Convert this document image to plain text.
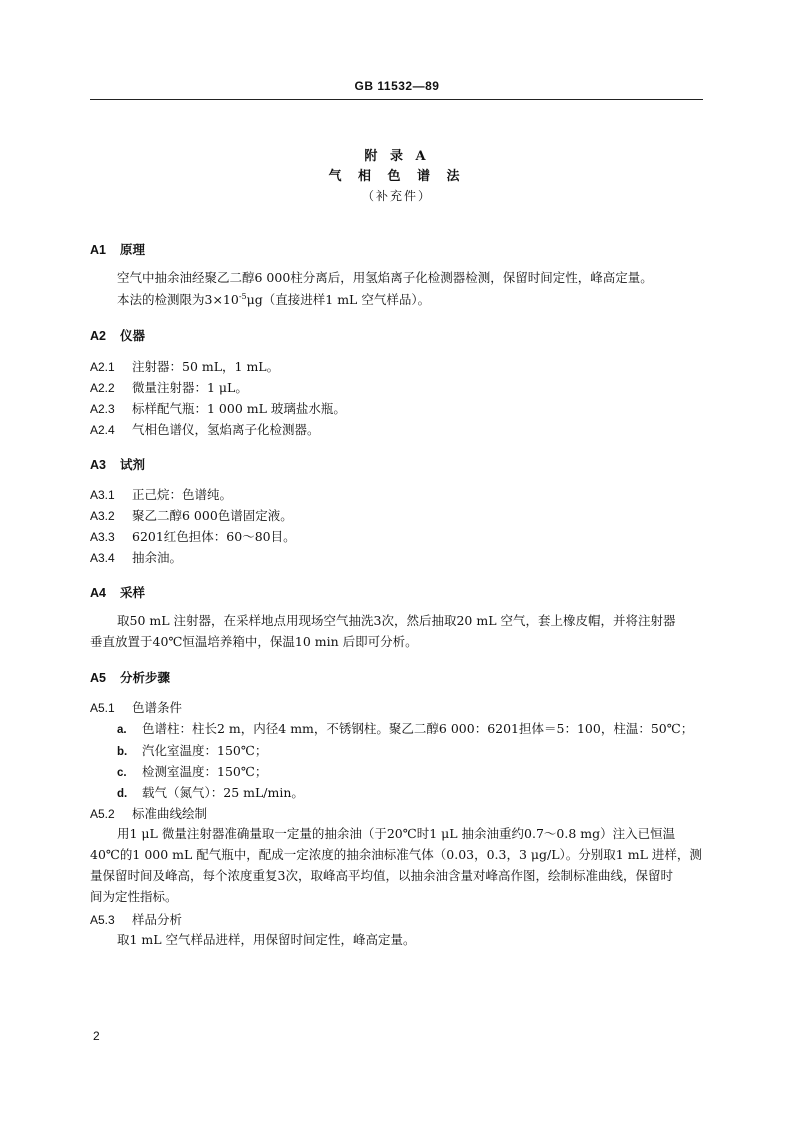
GB 11532—89
附 录 A
气 相 色 谱 法
（补充件）
A1 原理
空气中抽余油经聚乙二醇6 000柱分离后，用氢焰离子化检测器检测，保留时间定性，峰高定量。
本法的检测限为$3\times 10^{-5}\mu g$（直接进样1 mL 空气样品）。
A2 仪器
A2.1 注射器：50 mL，1 mL。
A2.2 微量注射器：1 μL。
A2.3 标样配气瓶：1 000 mL 玻璃盐水瓶。
A2.4 气相色谱仪，氢焰离子化检测器。
A3 试剂
A3.1 正己烷：色谱纯。
A3.2 聚乙二醇6 000色谱固定液。
A3.3 6201红色担体：60～80目。
A3.4 抽余油。
A4 采样
取50 mL 注射器，在采样地点用现场空气抽洗3次，然后抽取20 mL 空气，套上橡皮帽，并将注射器
垂直放置于40℃恒温培养箱中，保温10 min 后即可分析。
A5 分析步骤
A5.1 色谱条件
a. 色谱柱：柱长2 m，内径4 mm，不锈钢柱。聚乙二醇6 000：6201担体＝5：100，柱温：50℃；
b. 汽化室温度：150℃；
c. 检测室温度：150℃；
d. 载气（氮气）：25 mL/min。
A5.2 标准曲线绘制
用1 μL 微量注射器准确量取一定量的抽余油（于20℃时1 μL 抽余油重约0.7～0.8 mg）注入已恒温
40℃的1 000 mL 配气瓶中，配成一定浓度的抽余油标准气体（0.03，0.3，3 μg/L）。分别取1 mL 进样，测
量保留时间及峰高，每个浓度重复3次，取峰高平均值，以抽余油含量对峰高作图，绘制标准曲线，保留时
间为定性指标。
A5.3 样品分析
取1 mL 空气样品进样，用保留时间定性，峰高定量。
2
